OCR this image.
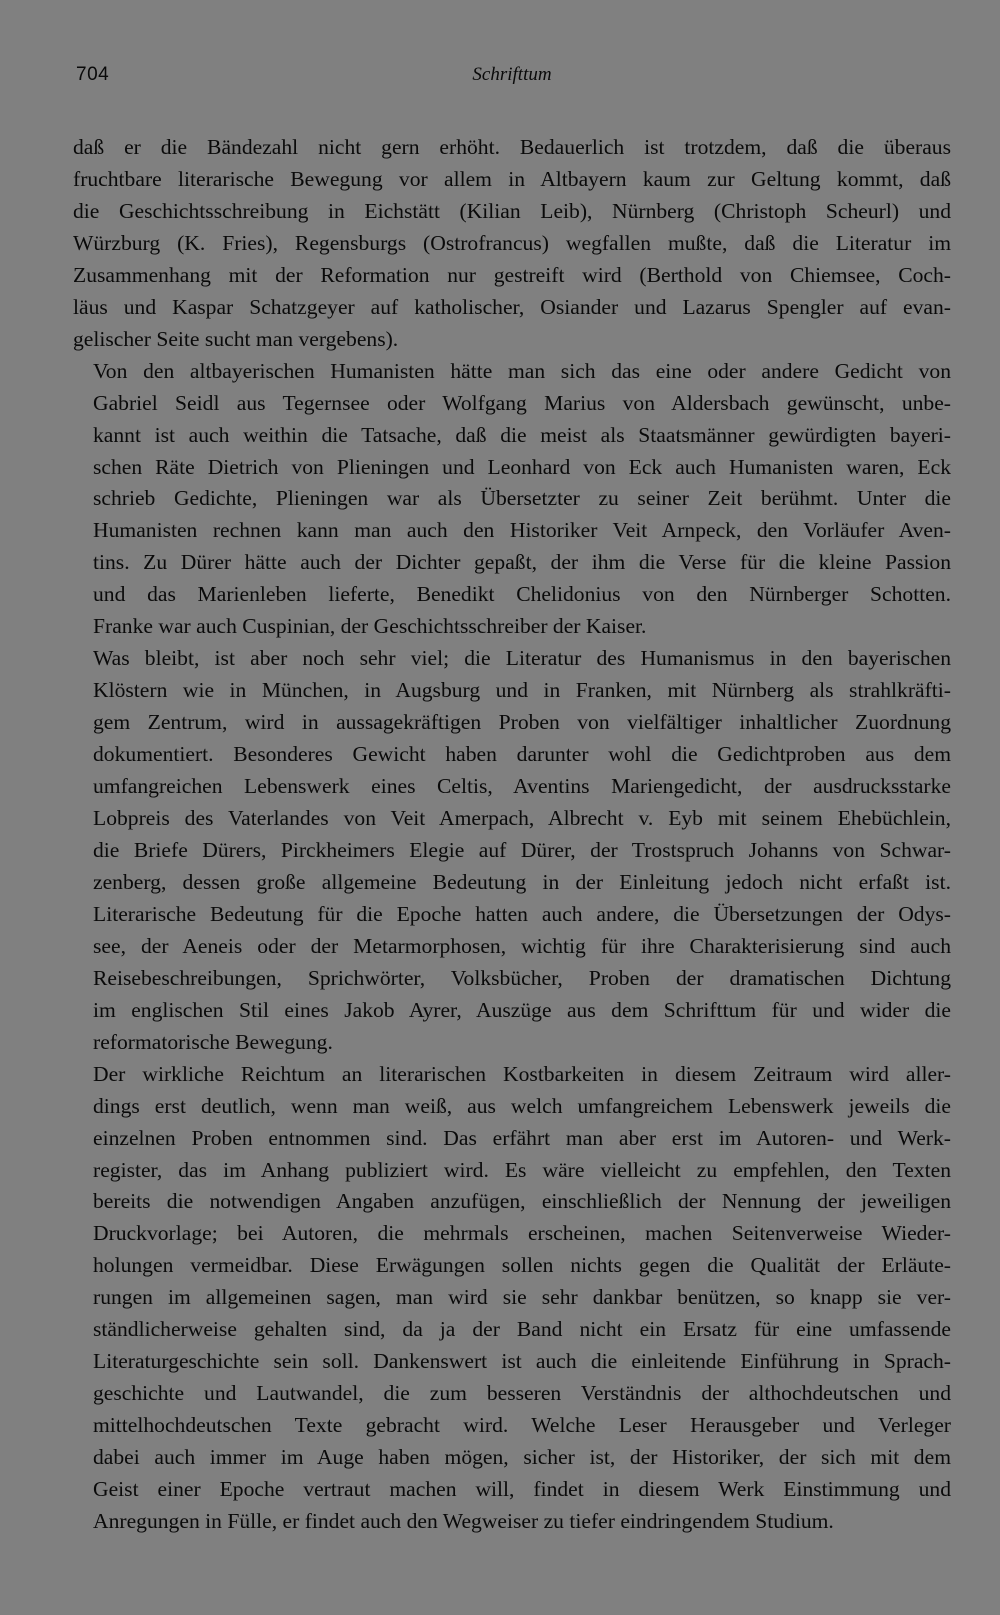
704	Schrifttum

daß er die Bändezahl nicht gern erhöht. Bedauerlich ist trotzdem, daß die überaus
fruchtbare literarische Bewegung vor allem in Altbayern kaum zur Geltung kommt, daß
die Geschichtsschreibung in Eichstätt (Kilian Leib), Nürnberg (Christoph Scheurl) und
Würzburg (K. Fries), Regensburgs (Ostrofrancus) wegfallen mußte, daß die Literatur im
Zusammenhang mit der Reformation nur gestreift wird (Berthold von Chiemsee, Coch-
läus und Kaspar Schatzgeyer auf katholischer, Osiander und Lazarus Spengler auf evan-
gelischer Seite sucht man vergebens).

Von den altbayerischen Humanisten hätte man sich das eine oder andere Gedicht von
Gabriel Seidl aus Tegernsee oder Wolfgang Marius von Aldersbach gewünscht, unbe-
kannt ist auch weithin die Tatsache, daß die meist als Staatsmänner gewürdigten bayeri-
schen Räte Dietrich von Plieningen und Leonhard von Eck auch Humanisten waren, Eck
schrieb Gedichte, Plieningen war als Übersetzter zu seiner Zeit berühmt. Unter die
Humanisten rechnen kann man auch den Historiker Veit Arnpeck, den Vorläufer Aven-
tins. Zu Dürer hätte auch der Dichter gepaßt, der ihm die Verse für die kleine Passion
und das Marienleben lieferte, Benedikt Chelidonius von den Nürnberger Schotten.
Franke war auch Cuspinian, der Geschichtsschreiber der Kaiser.

Was bleibt, ist aber noch sehr viel; die Literatur des Humanismus in den bayerischen
Klöstern wie in München, in Augsburg und in Franken, mit Nürnberg als strahlkräfti-
gem Zentrum, wird in aussagekräftigen Proben von vielfältiger inhaltlicher Zuordnung
dokumentiert. Besonderes Gewicht haben darunter wohl die Gedichtproben aus dem
umfangreichen Lebenswerk eines Celtis, Aventins Mariengedicht, der ausdrucksstarke
Lobpreis des Vaterlandes von Veit Amerpach, Albrecht v. Eyb mit seinem Ehebüchlein,
die Briefe Dürers, Pirckheimers Elegie auf Dürer, der Trostspruch Johanns von Schwar-
zenberg, dessen große allgemeine Bedeutung in der Einleitung jedoch nicht erfaßt ist.
Literarische Bedeutung für die Epoche hatten auch andere, die Übersetzungen der Odys-
see, der Aeneis oder der Metarmorphosen, wichtig für ihre Charakterisierung sind auch
Reisebeschreibungen, Sprichwörter, Volksbücher, Proben der dramatischen Dichtung
im englischen Stil eines Jakob Ayrer, Auszüge aus dem Schrifttum für und wider die
reformatorische Bewegung.

Der wirkliche Reichtum an literarischen Kostbarkeiten in diesem Zeitraum wird aller-
dings erst deutlich, wenn man weiß, aus welch umfangreichem Lebenswerk jeweils die
einzelnen Proben entnommen sind. Das erfährt man aber erst im Autoren- und Werk-
register, das im Anhang publiziert wird. Es wäre vielleicht zu empfehlen, den Texten
bereits die notwendigen Angaben anzufügen, einschließlich der Nennung der jeweiligen
Druckvorlage; bei Autoren, die mehrmals erscheinen, machen Seitenverweise Wieder-
holungen vermeidbar. Diese Erwägungen sollen nichts gegen die Qualität der Erläute-
rungen im allgemeinen sagen, man wird sie sehr dankbar benützen, so knapp sie ver-
ständlicherweise gehalten sind, da ja der Band nicht ein Ersatz für eine umfassende
Literaturgeschichte sein soll. Dankenswert ist auch die einleitende Einführung in Sprach-
geschichte und Lautwandel, die zum besseren Verständnis der althochdeutschen und
mittelhochdeutschen Texte gebracht wird. Welche Leser Herausgeber und Verleger
dabei auch immer im Auge haben mögen, sicher ist, der Historiker, der sich mit dem
Geist einer Epoche vertraut machen will, findet in diesem Werk Einstimmung und
Anregungen in Fülle, er findet auch den Wegweiser zu tiefer eindringendem Studium.
